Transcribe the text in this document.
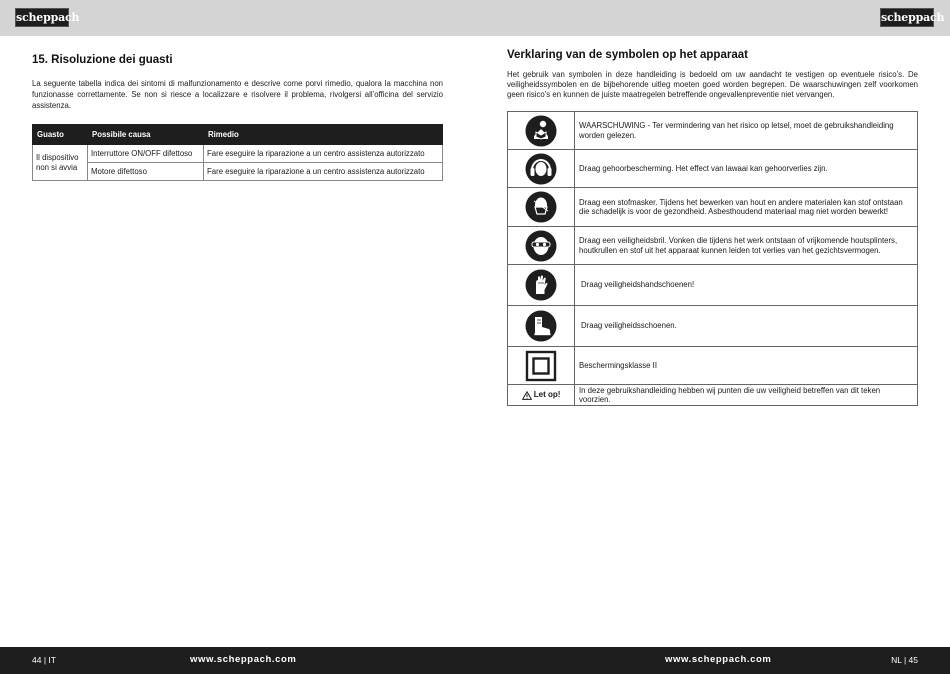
scheppach	scheppach
15. Risoluzione dei guasti
La seguente tabella indica dei sintomi di malfunzionamento e descrive come porvi rimedio, qualora la macchina non funzionasse correttamente. Se non si riesce a localizzare e risolvere il problema, rivolgersi all’officina del servizio assistenza.
Guasto	Possibile causa	Rimedio
Il dispositivo non si avvia	Interruttore ON/OFF difettoso	Fare eseguire la riparazione a un centro assistenza autorizzato
	Motore difettoso	Fare eseguire la riparazione a un centro assistenza autorizzato
Verklaring van de symbolen op het apparaat
Het gebruik van symbolen in deze handleiding is bedoeld om uw aandacht te vestigen op eventuele risico’s. De veiligheidssymbolen en de bijbehorende uitleg moeten goed worden begrepen. De waarschuwingen zelf voorkomen geen risico’s en kunnen de juiste maatregelen betreffende ongevallenpreventie niet vervangen.
	WAARSCHUWING - Ter vermindering van het risico op letsel, moet de gebruikshandleiding worden gelezen.
	Draag gehoorbescherming. Het effect van lawaai kan gehoorverlies zijn.
	Draag een stofmasker. Tijdens het bewerken van hout en andere materialen kan stof ontstaan die schadelijk is voor de gezondheid. Asbesthoudend materiaal mag niet worden bewerkt!
	Draag een veiligheidsbril. Vonken die tijdens het werk ontstaan of vrijkomende houtsplinters, houtkrullen en stof uit het apparaat kunnen leiden tot verlies van het gezichtsvermogen.
	Draag veiligheidshandschoenen!
	Draag veiligheidsschoenen.
	Beschermingsklasse II
Let op!	In deze gebruikshandleiding hebben wij punten die uw veiligheid betreffen van dit teken voorzien.
44 | IT	www.scheppach.com	www.scheppach.com	NL | 45
